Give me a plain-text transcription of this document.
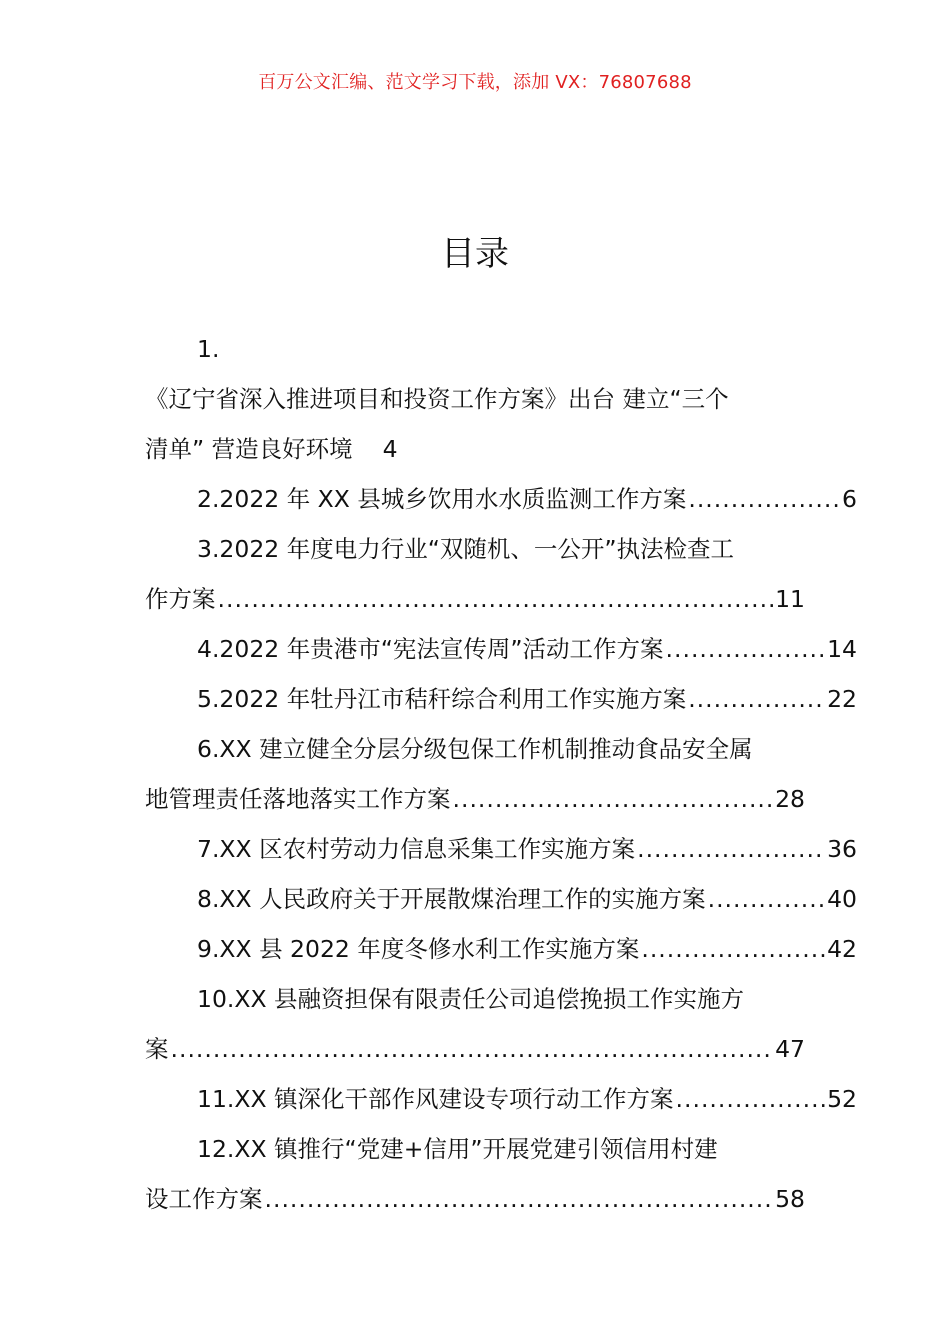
百万公文汇编、范文学习下载，添加 VX：76807688
目录
1.
《辽宁省深入推进项目和投资工作方案》出台 建立“三个
清单” 营造良好环境 4
2.2022 年 XX 县城乡饮用水水质监测工作方案 .....	6
3.2022 年度电力行业“双随机、一公开”执法检查工
作方案 .....	11
4.2022 年贵港市“宪法宣传周”活动工作方案 .....	14
5.2022 年牡丹江市秸秆综合利用工作实施方案 .....	22
6.XX 建立健全分层分级包保工作机制推动食品安全属
地管理责任落地落实工作方案 .....	28
7.XX 区农村劳动力信息采集工作实施方案 .....	36
8.XX 人民政府关于开展散煤治理工作的实施方案 .....	40
9.XX 县 2022 年度冬修水利工作实施方案 .....	42
10.XX 县融资担保有限责任公司追偿挽损工作实施方
案 .....	47
11.XX 镇深化干部作风建设专项行动工作方案 .....	52
12.XX 镇推行“党建+信用”开展党建引领信用村建
设工作方案 .....	58
